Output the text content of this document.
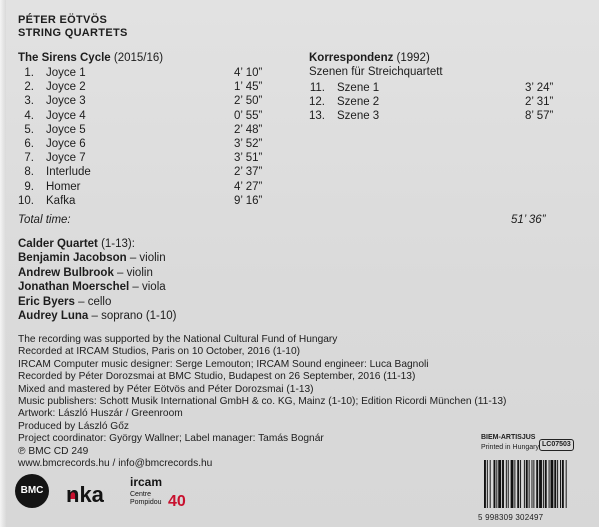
PÉTER EÖTVÖS
STRING QUARTETS
The Sirens Cycle (2015/16)
1. Joyce 1	4’ 10”
2. Joyce 2	1’ 45”
3. Joyce 3	2’ 50”
4. Joyce 4	0’ 55”
5. Joyce 5	2’ 48”
6. Joyce 6	3’ 52”
7. Joyce 7	3’ 51”
8. Interlude	2’ 37”
9. Homer	4’ 27”
10. Kafka	9’ 16”
Korrespondenz (1992)
Szenen für Streichquartett
11. Szene 1	3’ 24”
12. Szene 2	2’ 31”
13. Szene 3	8’ 57”
Total time:	51’ 36”
Calder Quartet (1-13):
Benjamin Jacobson – violin
Andrew Bulbrook – violin
Jonathan Moerschel – viola
Eric Byers – cello
Audrey Luna – soprano (1-10)
The recording was supported by the National Cultural Fund of Hungary
Recorded at IRCAM Studios, Paris on 10 October, 2016 (1-10)
IRCAM Computer music designer: Serge Lemouton; IRCAM Sound engineer: Luca Bagnoli
Recorded by Péter Dorozsmai at BMC Studio, Budapest on 26 September, 2016 (11-13)
Mixed and mastered by Péter Eötvös and Péter Dorozsmai (1-13)
Music publishers: Schott Musik International GmbH & co. KG, Mainz (1-10); Edition Ricordi München (11-13)
Artwork: László Huszár / Greenroom
Produced by László Gőz
Project coordinator: György Wallner; Label manager: Tamás Bognár
℗ BMC CD 249
www.bmcrecords.hu / info@bmcrecords.hu
BIEM-ARTISJUS
Printed in Hungary LC07503
BMC nka ircam
Centre
Pompidou 40
5 998309 302497
